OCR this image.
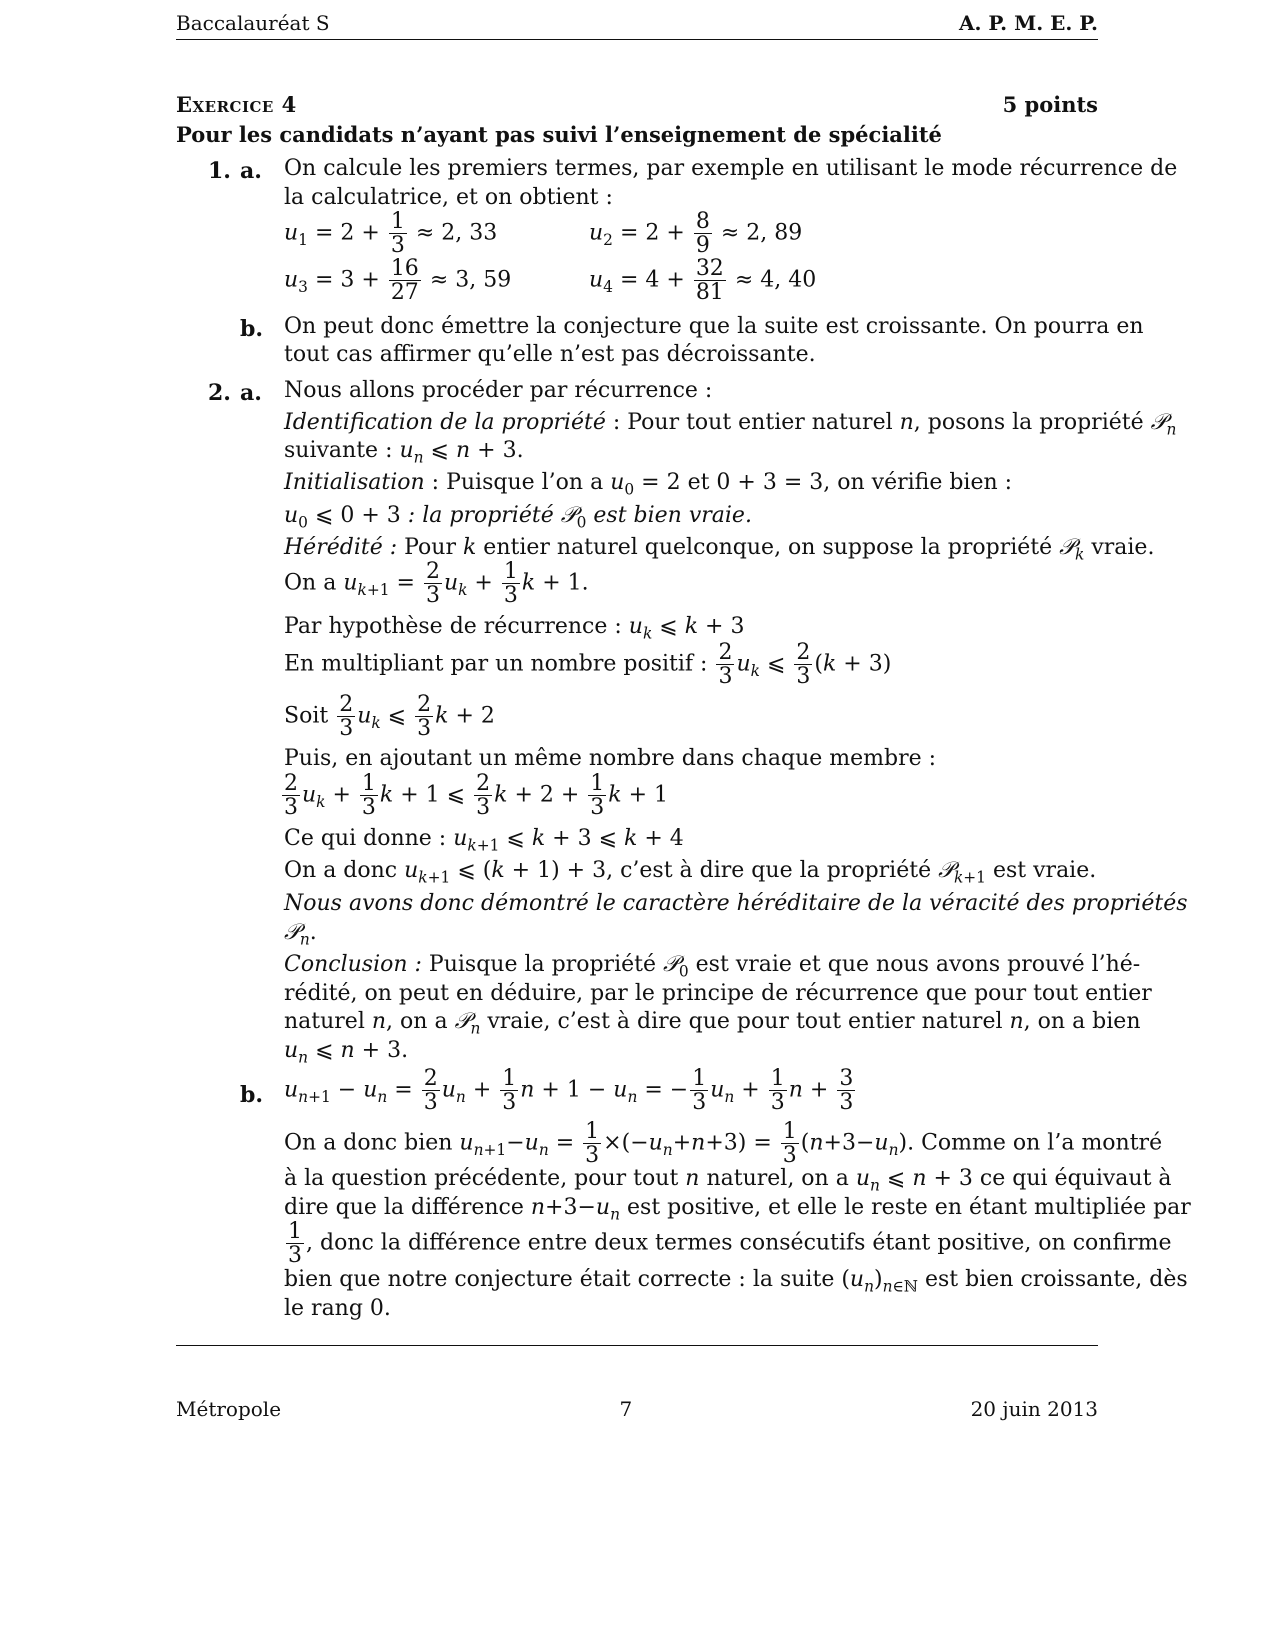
Baccalauréat S	A. P. M. E. P.
Exercice 4	5 points
Pour les candidats n’ayant pas suivi l’enseignement de spécialité
1. a. On calcule les premiers termes, par exemple en utilisant le mode récurrence de
la calculatrice, et on obtient :
$u_1 = 2 + \frac{1}{3} \approx 2$, 33	$u_2 = 2 + \frac{8}{9} \approx 2$, 89
$u_3 = 3 + \frac{16}{27} \approx 3$, 59	$u_4 = 4 + \frac{32}{81} \approx 4$, 40
b. On peut donc émettre la conjecture que la suite est croissante. On pourra en
tout cas affirmer qu’elle n’est pas décroissante.
2. a. Nous allons procéder par récurrence :
Identification de la propriété : Pour tout entier naturel n, posons la propriété 𝒫$_n$
suivante : $u_n$ ⩽ n + 3.
Initialisation : Puisque l’on a $u_0 = 2$ et 0 + 3 = 3, on vérifie bien :
$u_0$ ⩽ 0 + 3 : la propriété 𝒫$_0$ est bien vraie.
Hérédité : Pour k entier naturel quelconque, on suppose la propriété 𝒫$_k$ vraie.
On a $u_{k+1} = \frac{2}{3} u_k + \frac{1}{3}$ k + 1.
Par hypothèse de récurrence : $u_k$ ⩽ k + 3
En multipliant par un nombre positif : $\frac{2}{3} u_k$ ⩽ $\frac{2}{3} (k + 3)$
Soit $\frac{2}{3} u_k$ ⩽ $\frac{2}{3}$ k + 2
Puis, en ajoutant un même nombre dans chaque membre :
$\frac{2}{3} u_k + \frac{1}{3}$ k + 1 ⩽ $\frac{2}{3}$ $k + 2 + \frac{1}{3}$ k + 1
Ce qui donne : $u_{k+1}$ ⩽ k + 3 ⩽ k + 4
On a donc $u_{k+1}$ ⩽ (k + 1) + 3, c’est à dire que la propriété 𝒫$_{k+1}$ est vraie.
Nous avons donc démontré le caractère héréditaire de la véracité des propriétés
𝒫$_n$.
Conclusion : Puisque la propriété 𝒫$_0$ est vraie et que nous avons prouvé l’hé-
rédité, on peut en déduire, par le principe de récurrence que pour tout entier
naturel n, on a 𝒫$_n$ vraie, c’est à dire que pour tout entier naturel n, on a bien
$u_n$ ⩽ n + 3.
b. $u_{n+1} - u_n = \frac{2}{3} u_n + \frac{1}{3}$ $n + 1 - u_n$ = − $\frac{1}{3} u_n + \frac{1}{3}$ $n + \frac{3}{3}$
On a donc bien $u_{n+1}-u_n = \frac{1}{3} \times(-u_n+n+3) = \frac{1}{3} (n+3-u_n)$. Comme on l’a montré
à la question précédente, pour tout n naturel, on a $u_n$ ⩽ n + 3 ce qui équivaut à
dire que la différence $n+3-u_n$ est positive, et elle le reste en étant multipliée par
$\frac{1}{3}$ , donc la différence entre deux termes consécutifs étant positive, on confirme
bien que notre conjecture était correcte : la suite $(u_n)_{n\in ℕ}$ est bien croissante, dès
le rang 0.
Métropole	7	20 juin 2013
